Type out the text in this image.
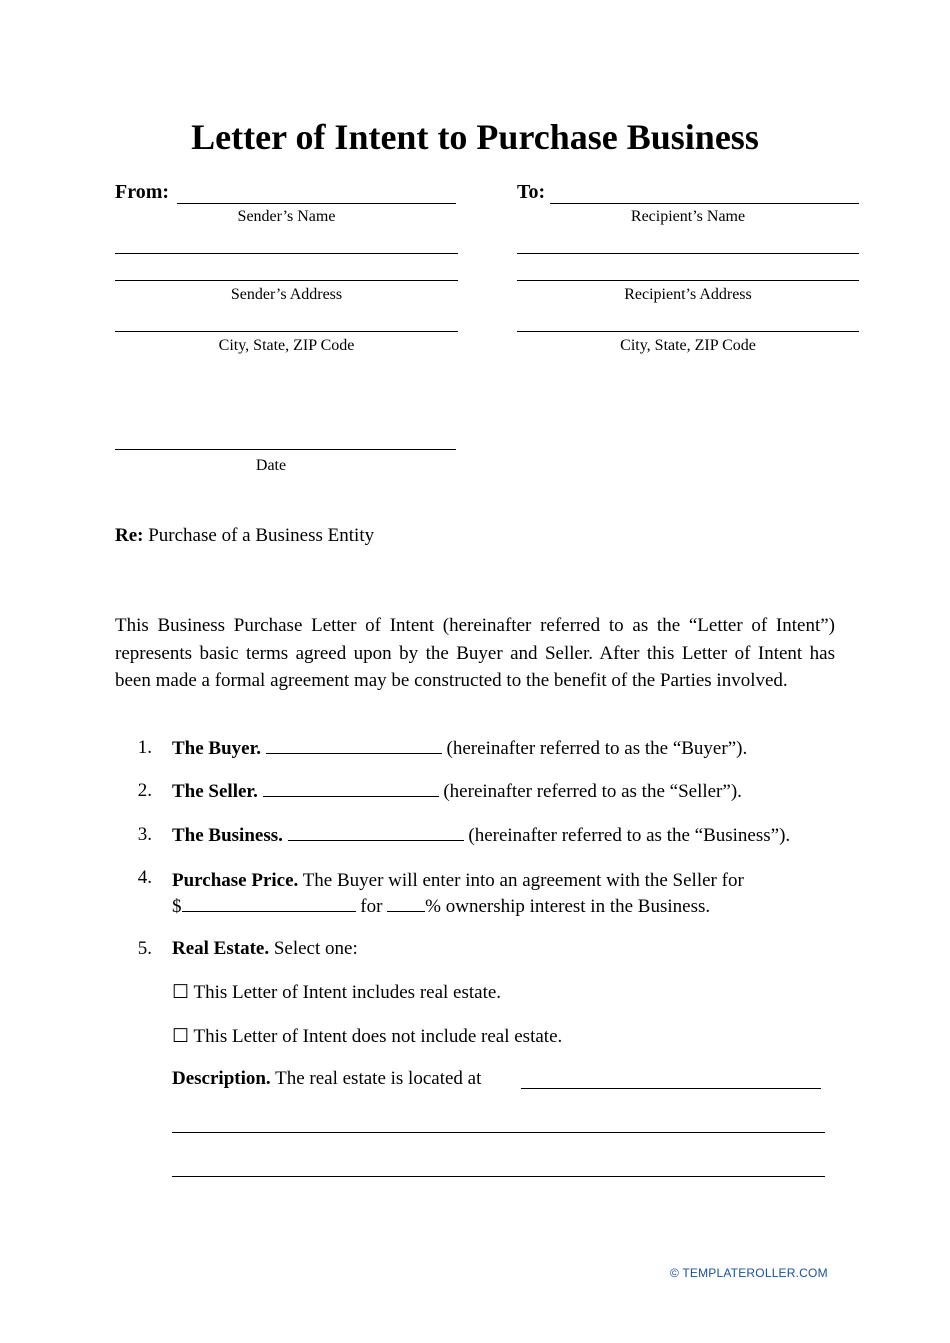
Letter of Intent to Purchase Business
From:
Sender’s Name
Sender’s Address
City, State, ZIP Code
To:
Recipient’s Name
Recipient’s Address
City, State, ZIP Code
Date
Re: Purchase of a Business Entity
This Business Purchase Letter of Intent (hereinafter referred to as the “Letter of Intent”) represents basic terms agreed upon by the Buyer and Seller. After this Letter of Intent has been made a formal agreement may be constructed to the benefit of the Parties involved.
1. The Buyer.	(hereinafter referred to as the “Buyer”).
2. The Seller.	(hereinafter referred to as the “Seller”).
3. The Business.	(hereinafter referred to as the “Business”).
4. Purchase Price. The Buyer will enter into an agreement with the Seller for
$	for % ownership interest in the Business.
5. Real Estate. Select one:
☐ This Letter of Intent includes real estate.
☐ This Letter of Intent does not include real estate.
Description. The real estate is located at
© TEMPLATEROLLER.COM
